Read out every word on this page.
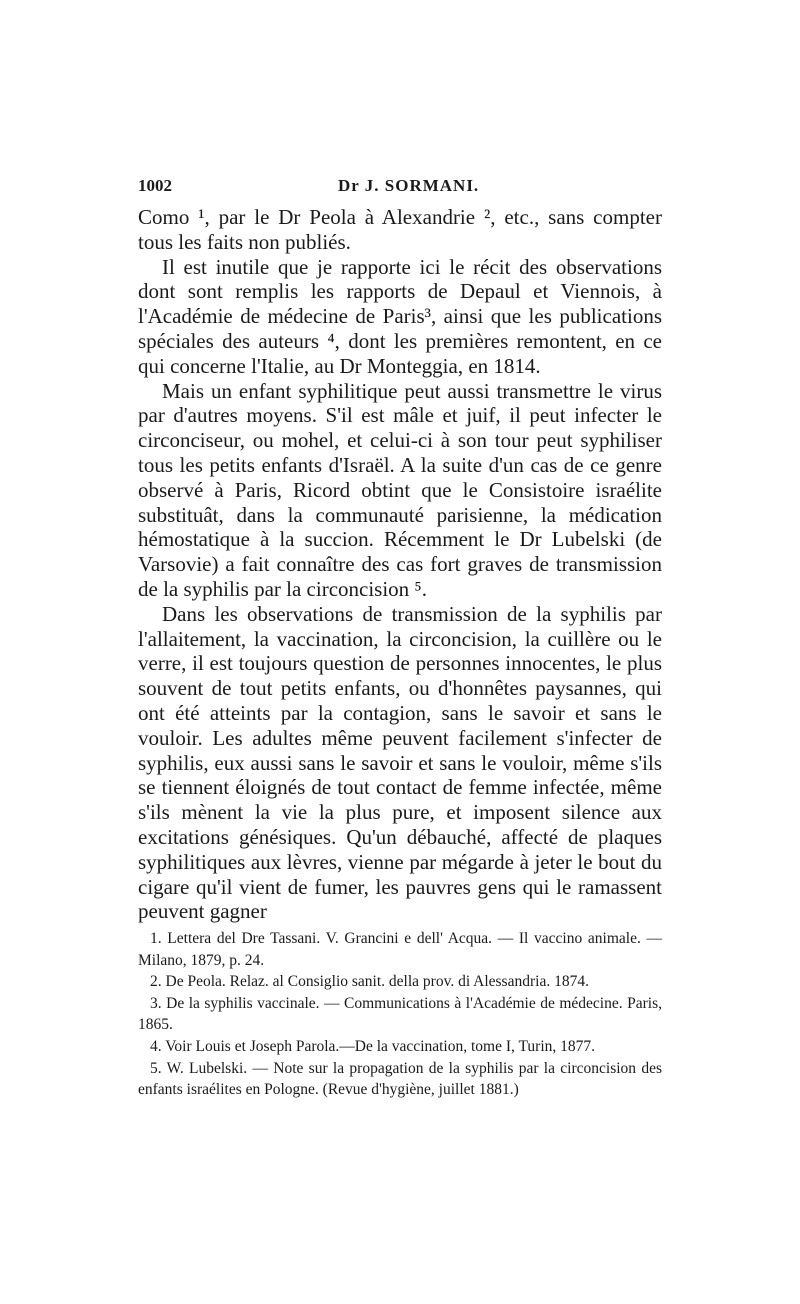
1002	Dr J. SORMANI.

Como ¹, par le Dr Peola à Alexandrie ², etc., sans compter tous les faits non publiés.

Il est inutile que je rapporte ici le récit des observations dont sont remplis les rapports de Depaul et Viennois, à l'Académie de médecine de Paris³, ainsi que les publications spéciales des auteurs ⁴, dont les premières remontent, en ce qui concerne l'Italie, au Dr Monteggia, en 1814.

Mais un enfant syphilitique peut aussi transmettre le virus par d'autres moyens. S'il est mâle et juif, il peut infecter le circonciseur, ou mohel, et celui-ci à son tour peut syphiliser tous les petits enfants d'Israël. A la suite d'un cas de ce genre observé à Paris, Ricord obtint que le Consistoire israélite substituât, dans la communauté parisienne, la médication hémostatique à la succion. Récemment le Dr Lubelski (de Varsovie) a fait connaître des cas fort graves de transmission de la syphilis par la circoncision ⁵.

Dans les observations de transmission de la syphilis par l'allaitement, la vaccination, la circoncision, la cuillère ou le verre, il est toujours question de personnes innocentes, le plus souvent de tout petits enfants, ou d'honnêtes paysannes, qui ont été atteints par la contagion, sans le savoir et sans le vouloir. Les adultes même peuvent facilement s'infecter de syphilis, eux aussi sans le savoir et sans le vouloir, même s'ils se tiennent éloignés de tout contact de femme infectée, même s'ils mènent la vie la plus pure, et imposent silence aux excitations génésiques. Qu'un débauché, affecté de plaques syphilitiques aux lèvres, vienne par mégarde à jeter le bout du cigare qu'il vient de fumer, les pauvres gens qui le ramassent peuvent gagner

1. Lettera del Dre Tassani. V. Grancini e dell' Acqua. — Il vaccino animale. — Milano, 1879, p. 24.

2. De Peola. Relaz. al Consiglio sanit. della prov. di Alessandria. 1874.

3. De la syphilis vaccinale. — Communications à l'Académie de médecine. Paris, 1865.

4. Voir Louis et Joseph Parola.—De la vaccination, tome I, Turin, 1877.

5. W. Lubelski. — Note sur la propagation de la syphilis par la circoncision des enfants israélites en Pologne. (Revue d'hygiène, juillet 1881.)
